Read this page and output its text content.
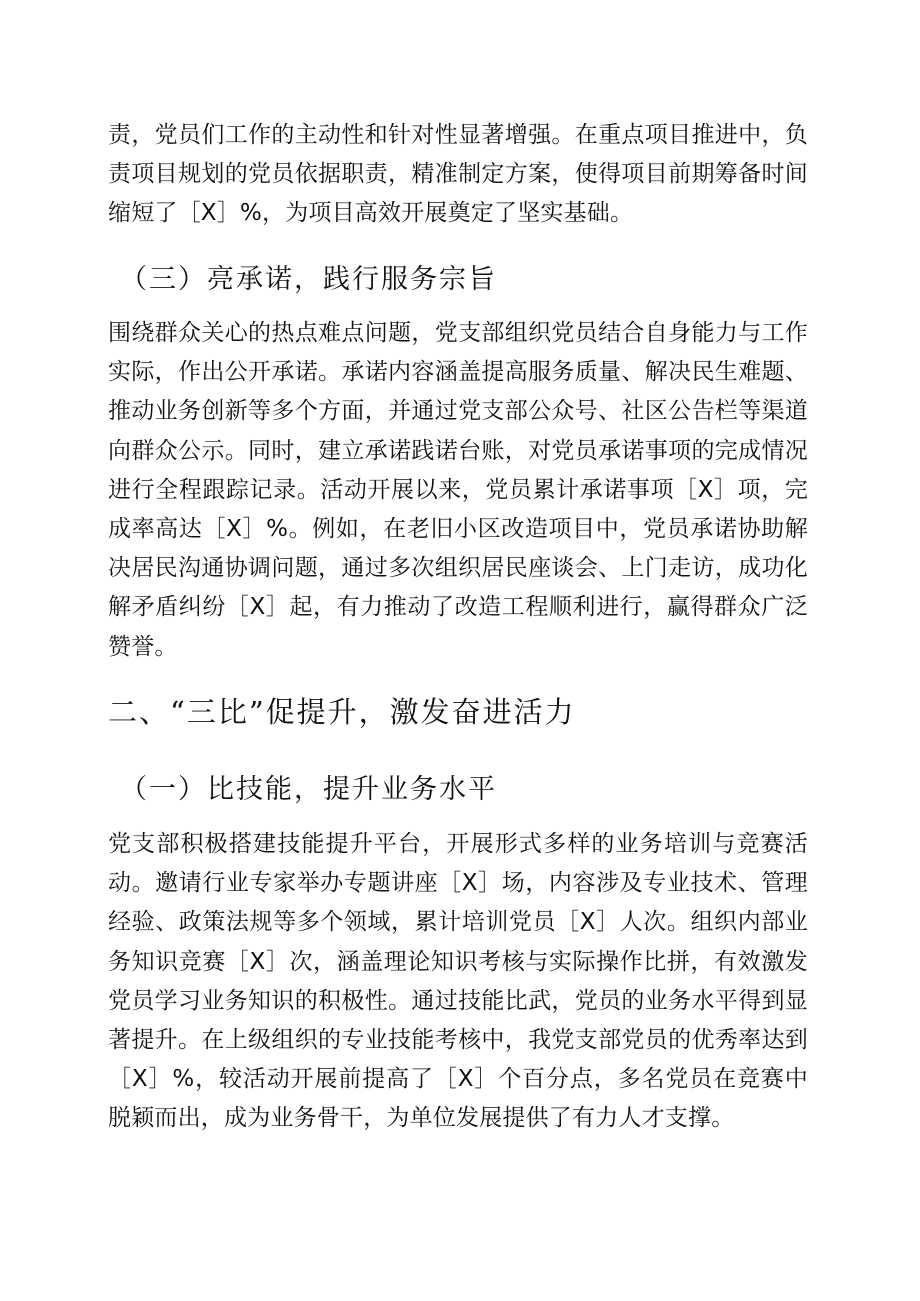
责，党员们工作的主动性和针对性显著增强。在重点项目推进中，负责项目规划的党员依据职责，精准制定方案，使得项目前期筹备时间缩短了［X］%，为项目高效开展奠定了坚实基础。

（三）亮承诺，践行服务宗旨

围绕群众关心的热点难点问题，党支部组织党员结合自身能力与工作实际，作出公开承诺。承诺内容涵盖提高服务质量、解决民生难题、推动业务创新等多个方面，并通过党支部公众号、社区公告栏等渠道向群众公示。同时，建立承诺践诺台账，对党员承诺事项的完成情况进行全程跟踪记录。活动开展以来，党员累计承诺事项［X］项，完成率高达［X］%。例如，在老旧小区改造项目中，党员承诺协助解决居民沟通协调问题，通过多次组织居民座谈会、上门走访，成功化解矛盾纠纷［X］起，有力推动了改造工程顺利进行，赢得群众广泛赞誉。

二、“三比”促提升，激发奋进活力
（一）比技能，提升业务水平

党支部积极搭建技能提升平台，开展形式多样的业务培训与竞赛活动。邀请行业专家举办专题讲座［X］场，内容涉及专业技术、管理经验、政策法规等多个领域，累计培训党员［X］人次。组织内部业务知识竞赛［X］次，涵盖理论知识考核与实际操作比拼，有效激发党员学习业务知识的积极性。通过技能比武，党员的业务水平得到显著提升。在上级组织的专业技能考核中，我党支部党员的优秀率达到［X］%，较活动开展前提高了［X］个百分点，多名党员在竞赛中脱颖而出，成为业务骨干，为单位发展提供了有力人才支撑。
